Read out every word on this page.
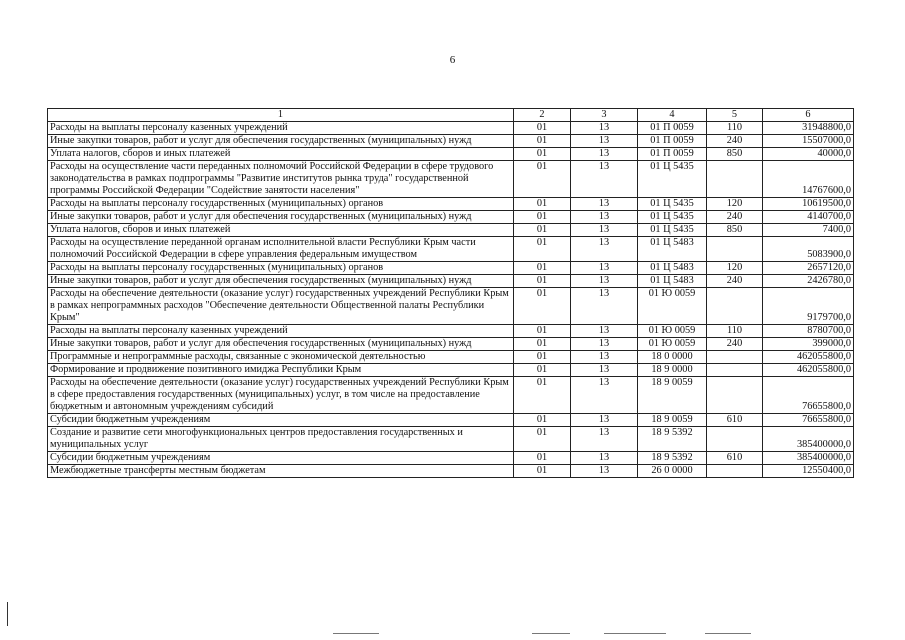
6
1	2	3	4	5	6
Расходы на выплаты персоналу казенных учреждений	01	13	01 П 0059	110	31948800,0
Иные закупки товаров, работ и услуг для обеспечения государственных (муниципальных) нужд	01	13	01 П 0059	240	15507000,0
Уплата налогов, сборов и иных платежей	01	13	01 П 0059	850	40000,0
Расходы на осуществление части переданных полномочий Российской Федерации в сфере трудового законодательства в рамках подпрограммы "Развитие институтов рынка труда" государственной программы Российской Федерации "Содействие занятости населения"	01	13	01 Ц 5435		14767600,0
Расходы на выплаты персоналу государственных (муниципальных) органов	01	13	01 Ц 5435	120	10619500,0
Иные закупки товаров, работ и услуг для обеспечения государственных (муниципальных) нужд	01	13	01 Ц 5435	240	4140700,0
Уплата налогов, сборов и иных платежей	01	13	01 Ц 5435	850	7400,0
Расходы на осуществление переданной органам исполнительной власти Республики Крым части полномочий Российской Федерации в сфере управления федеральным имуществом	01	13	01 Ц 5483		5083900,0
Расходы на выплаты персоналу государственных (муниципальных) органов	01	13	01 Ц 5483	120	2657120,0
Иные закупки товаров, работ и услуг для обеспечения государственных (муниципальных) нужд	01	13	01 Ц 5483	240	2426780,0
Расходы на обеспечение деятельности (оказание услуг) государственных учреждений Республики Крым в рамках непрограммных расходов "Обеспечение деятельности Общественной палаты Республики Крым"	01	13	01 Ю 0059		9179700,0
Расходы на выплаты персоналу казенных учреждений	01	13	01 Ю 0059	110	8780700,0
Иные закупки товаров, работ и услуг для обеспечения государственных (муниципальных) нужд	01	13	01 Ю 0059	240	399000,0
Программные и непрограммные расходы, связанные с экономической деятельностью	01	13	18 0 0000		462055800,0
Формирование и продвижение позитивного имиджа Республики Крым	01	13	18 9 0000		462055800,0
Расходы на обеспечение деятельности (оказание услуг) государственных учреждений Республики Крым в сфере предоставления государственных (муниципальных) услуг, в том числе на предоставление бюджетным и автономным учреждениям субсидий	01	13	18 9 0059		76655800,0
Субсидии бюджетным учреждениям	01	13	18 9 0059	610	76655800,0
Создание и развитие сети многофункциональных центров предоставления государственных и муниципальных услуг	01	13	18 9 5392		385400000,0
Субсидии бюджетным учреждениям	01	13	18 9 5392	610	385400000,0
Межбюджетные трансферты местным бюджетам	01	13	26 0 0000		12550400,0
